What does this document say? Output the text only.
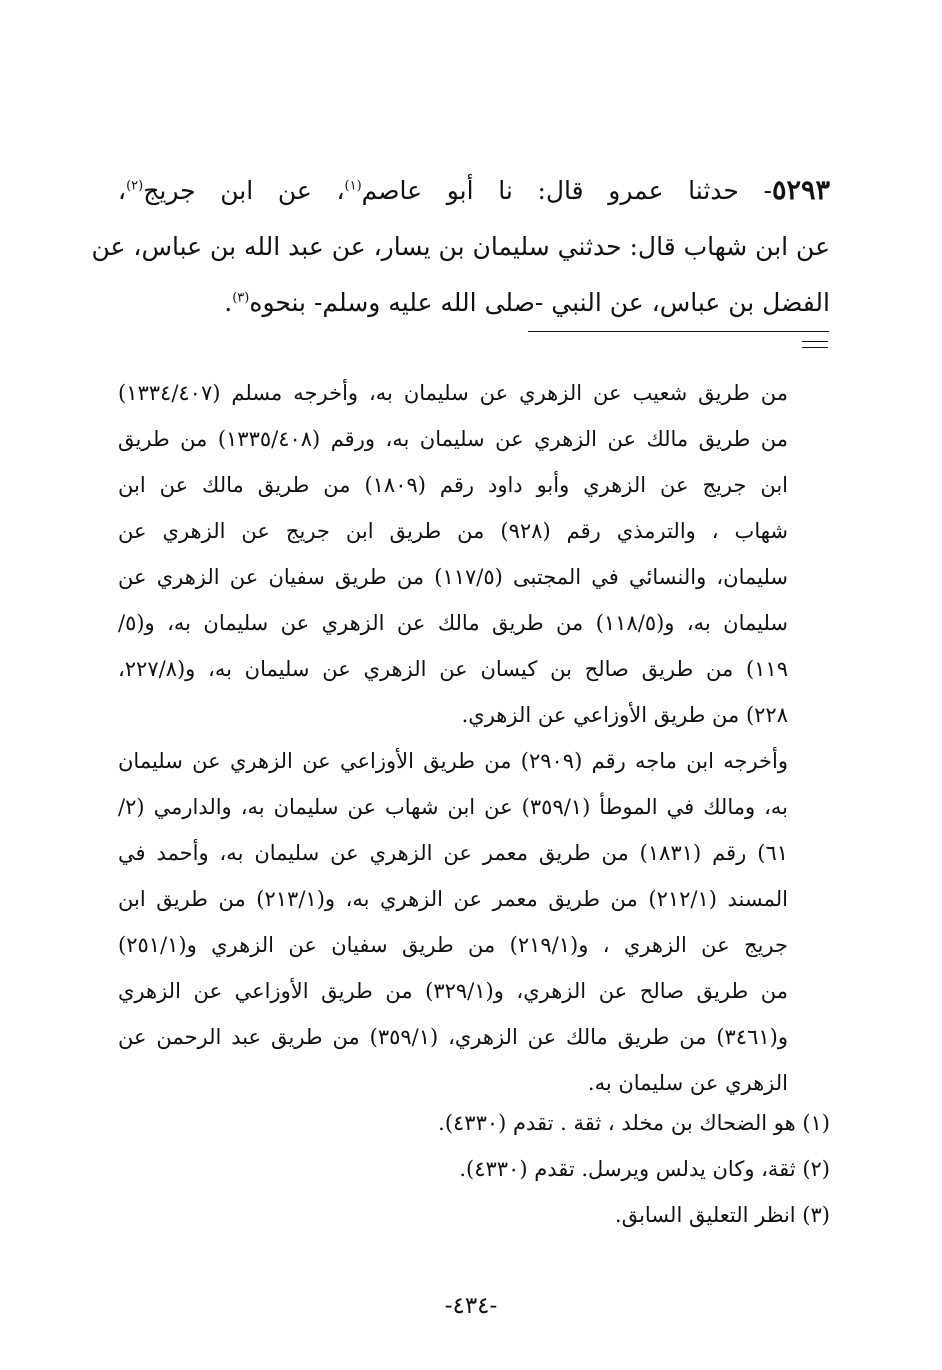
٥٢٩٣- حدثنا عمرو قال: نا أبو عاصم$^{(١)}$، عن ابن جريج$^{(٢)}$،
عن ابن شهاب قال: حدثني سليمان بن يسار، عن عبد الله بن عباس، عن
الفضل بن عباس، عن النبي -صلى الله عليه وسلم- بنحوه$^{(٣)}$.
من طريق شعيب عن الزهري عن سليمان به، وأخرجه مسلم (١٣٣٤/٤٠٧)
من طريق مالك عن الزهري عن سليمان به، ورقم (١٣٣٥/٤٠٨) من طريق
ابن جريج عن الزهري وأبو داود رقم (١٨٠٩) من طريق مالك عن ابن
شهاب ، والترمذي رقم (٩٢٨) من طريق ابن جريج عن الزهري عن
سليمان، والنسائي في المجتبى (١١٧/٥) من طريق سفيان عن الزهري عن
سليمان به، و(١١٨/٥) من طريق مالك عن الزهري عن سليمان به، و(٥/
١١٩) من طريق صالح بن كيسان عن الزهري عن سليمان به، و(٢٢٧/٨،
٢٢٨) من طريق الأوزاعي عن الزهري.
وأخرجه ابن ماجه رقم (٢٩٠٩) من طريق الأوزاعي عن الزهري عن سليمان
به، ومالك في الموطأ (٣٥٩/١) عن ابن شهاب عن سليمان به، والدارمي (٢/
٦١) رقم (١٨٣١) من طريق معمر عن الزهري عن سليمان به، وأحمد في
المسند (٢١٢/١) من طريق معمر عن الزهري به، و(٢١٣/١) من طريق ابن
جريج عن الزهري ، و(٢١٩/١) من طريق سفيان عن الزهري و(٢٥١/١)
من طريق صالح عن الزهري، و(٣٢٩/١) من طريق الأوزاعي عن الزهري
و(٣٤٦١) من طريق مالك عن الزهري، (٣٥٩/١) من طريق عبد الرحمن عن
الزهري عن سليمان به.
(١) هو الضحاك بن مخلد ، ثقة . تقدم (٤٣٣٠).
(٢) ثقة، وكان يدلس ويرسل. تقدم (٤٣٣٠).
(٣) انظر التعليق السابق.
-٤٣٤-
